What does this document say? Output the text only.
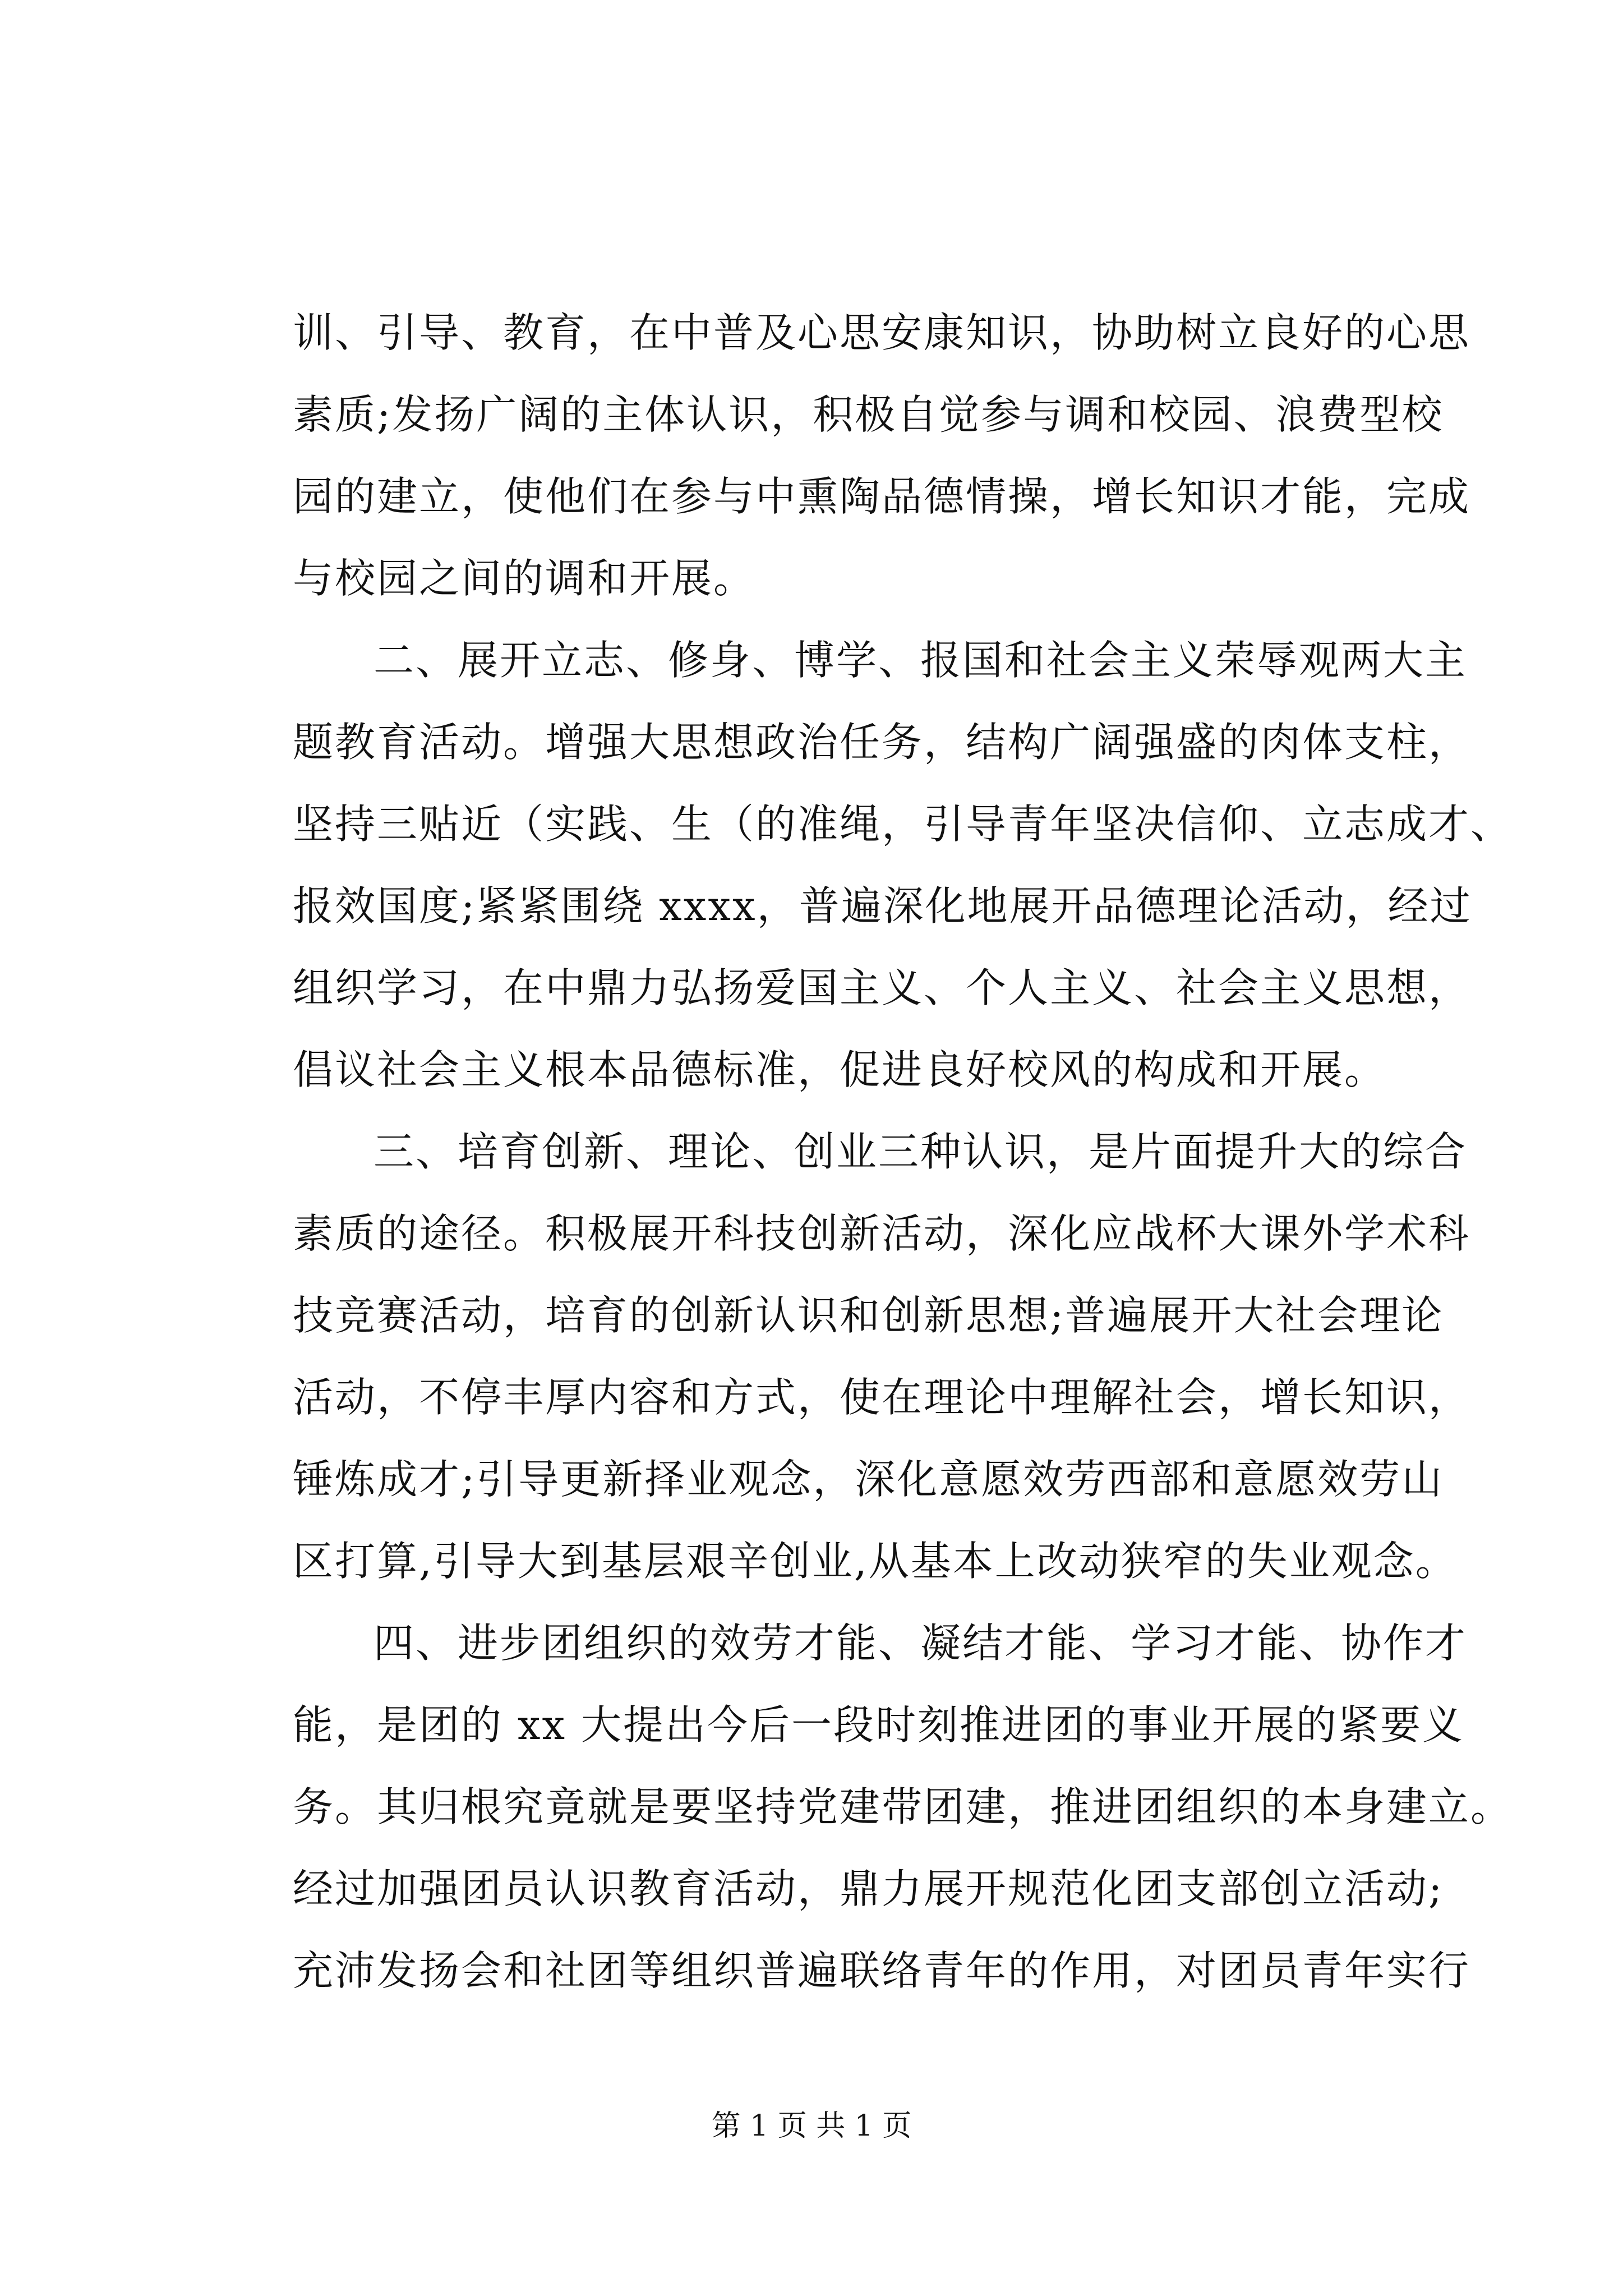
训、引导、教育，在中普及心思安康知识，协助树立良好的心思
素质;发扬广阔的主体认识，积极自觉参与调和校园、浪费型校
园的建立，使他们在参与中熏陶品德情操，增长知识才能，完成
与校园之间的调和开展。
二、展开立志、修身、博学、报国和社会主义荣辱观两大主
题教育活动。增强大思想政治任务，结构广阔强盛的肉体支柱，
坚持三贴近（实践、生（的准绳，引导青年坚决信仰、立志成才、
报效国度;紧紧围绕 xxxx，普遍深化地展开品德理论活动，经过
组织学习，在中鼎力弘扬爱国主义、个人主义、社会主义思想，
倡议社会主义根本品德标准，促进良好校风的构成和开展。
三、培育创新、理论、创业三种认识，是片面提升大的综合
素质的途径。积极展开科技创新活动，深化应战杯大课外学术科
技竞赛活动，培育的创新认识和创新思想;普遍展开大社会理论
活动，不停丰厚内容和方式，使在理论中理解社会，增长知识，
锤炼成才;引导更新择业观念，深化意愿效劳西部和意愿效劳山
区打算,引导大到基层艰辛创业,从基本上改动狭窄的失业观念。
四、进步团组织的效劳才能、凝结才能、学习才能、协作才
能，是团的 xx 大提出今后一段时刻推进团的事业开展的紧要义
务。其归根究竟就是要坚持党建带团建，推进团组织的本身建立。
经过加强团员认识教育活动，鼎力展开规范化团支部创立活动;
充沛发扬会和社团等组织普遍联络青年的作用，对团员青年实行
第 1 页 共 1 页
